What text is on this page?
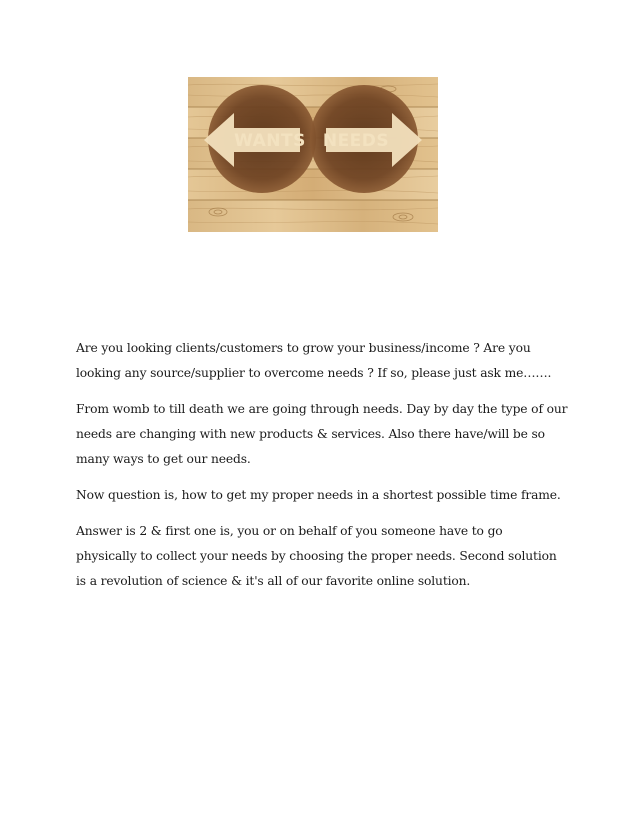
WANTS NEEDS

Are you looking clients/customers to grow your business/income ? Are you
looking any source/supplier to overcome needs ? If so, please just ask me…….

From womb to till death we are going through needs. Day by day the type of our
needs are changing with new products & services. Also there have/will be so
many ways to get our needs.

Now question is, how to get my proper needs in a shortest possible time frame.

Answer is 2 & first one is, you or on behalf of you someone have to go
physically to collect your needs by choosing the proper needs. Second solution
is a revolution of science & it's all of our favorite online solution.
